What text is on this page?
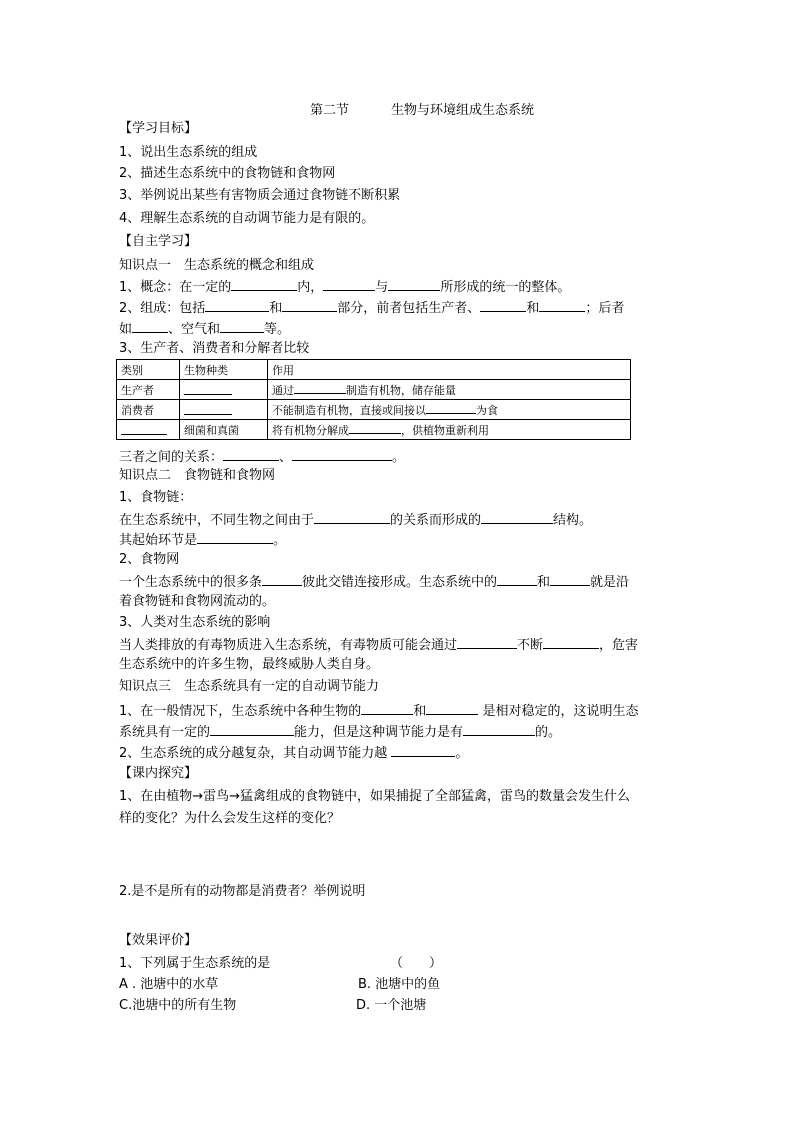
第二节	生物与环境组成生态系统
【学习目标】
1、说出生态系统的组成
2、描述生态系统中的食物链和食物网
3、举例说出某些有害物质会通过食物链不断积累
4、理解生态系统的自动调节能力是有限的。
【自主学习】
知识点一　生态系统的概念和组成
1、概念：在一定的	内，	与	所形成的统一的整体。
2、组成：包括	和	部分，前者包括生产者、	和	；后者
如	、空气和	等。
3、生产者、消费者和分解者比较
类别	生物种类	作用
生产者		通过 制造有机物，储存能量
消费者		不能制造有机物，直接或间接以 为食
	细菌和真菌	将有机物分解成 ，供植物重新利用
三者之间的关系：	、	。
知识点二　食物链和食物网
1、食物链：
在生态系统中，不同生物之间由于	的关系而形成的	结构。
其起始环节是	。
2、食物网
一个生态系统中的很多条	彼此交错连接形成。生态系统中的	和	就是沿
着食物链和食物网流动的。
3、人类对生态系统的影响
当人类排放的有毒物质进入生态系统，有毒物质可能会通过	不断	，危害
生态系统中的许多生物，最终威胁人类自身。
知识点三　生态系统具有一定的自动调节能力
1、在一般情况下，生态系统中各种生物的	和	是相对稳定的，这说明生态
系统具有一定的	能力，但是这种调节能力是有	的。
2、生态系统的成分越复杂，其自动调节能力越	。
【课内探究】
1、在由植物→雷鸟→猛禽组成的食物链中，如果捕捉了全部猛禽，雷鸟的数量会发生什么
样的变化？为什么会发生这样的变化？
2.是不是所有的动物都是消费者？举例说明
【效果评价】
1、下列属于生态系统的是	（　　）
A . 池塘中的水草	B. 池塘中的鱼
C.池塘中的所有生物	D. 一个池塘
